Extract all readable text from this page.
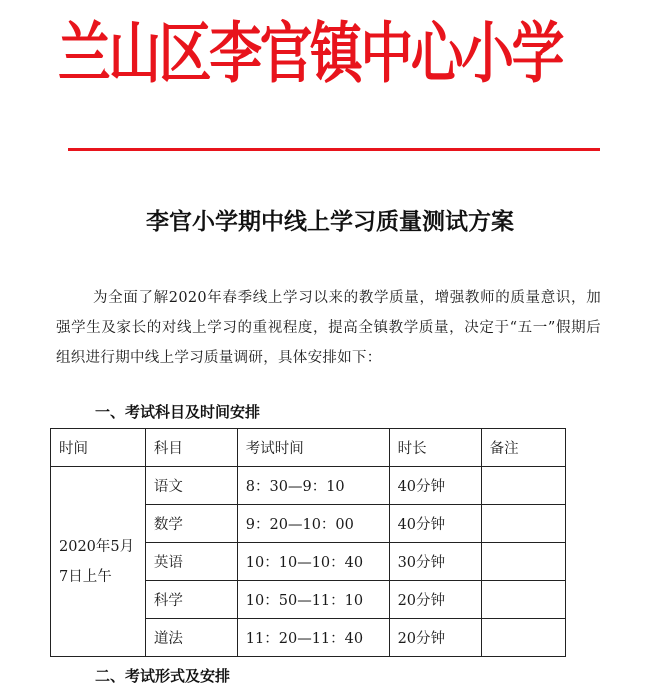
兰山区李官镇中心小学
李官小学期中线上学习质量测试方案
为全面了解2020年春季线上学习以来的教学质量，增强教师的质量意识，加强学生及家长的对线上学习的重视程度，提高全镇教学质量，决定于“五一”假期后组织进行期中线上学习质量调研，具体安排如下：
一、考试科目及时间安排
时间	科目	考试时间	时长	备注

2020年5月
7日上午	语文	8：30—9：10	40分钟	
	数学	9：20—10：00	40分钟	
	英语	10：10—10：40	30分钟	
	科学	10：50—11：10	20分钟	
	道法	11：20—11：40	20分钟	
二、考试形式及安排
